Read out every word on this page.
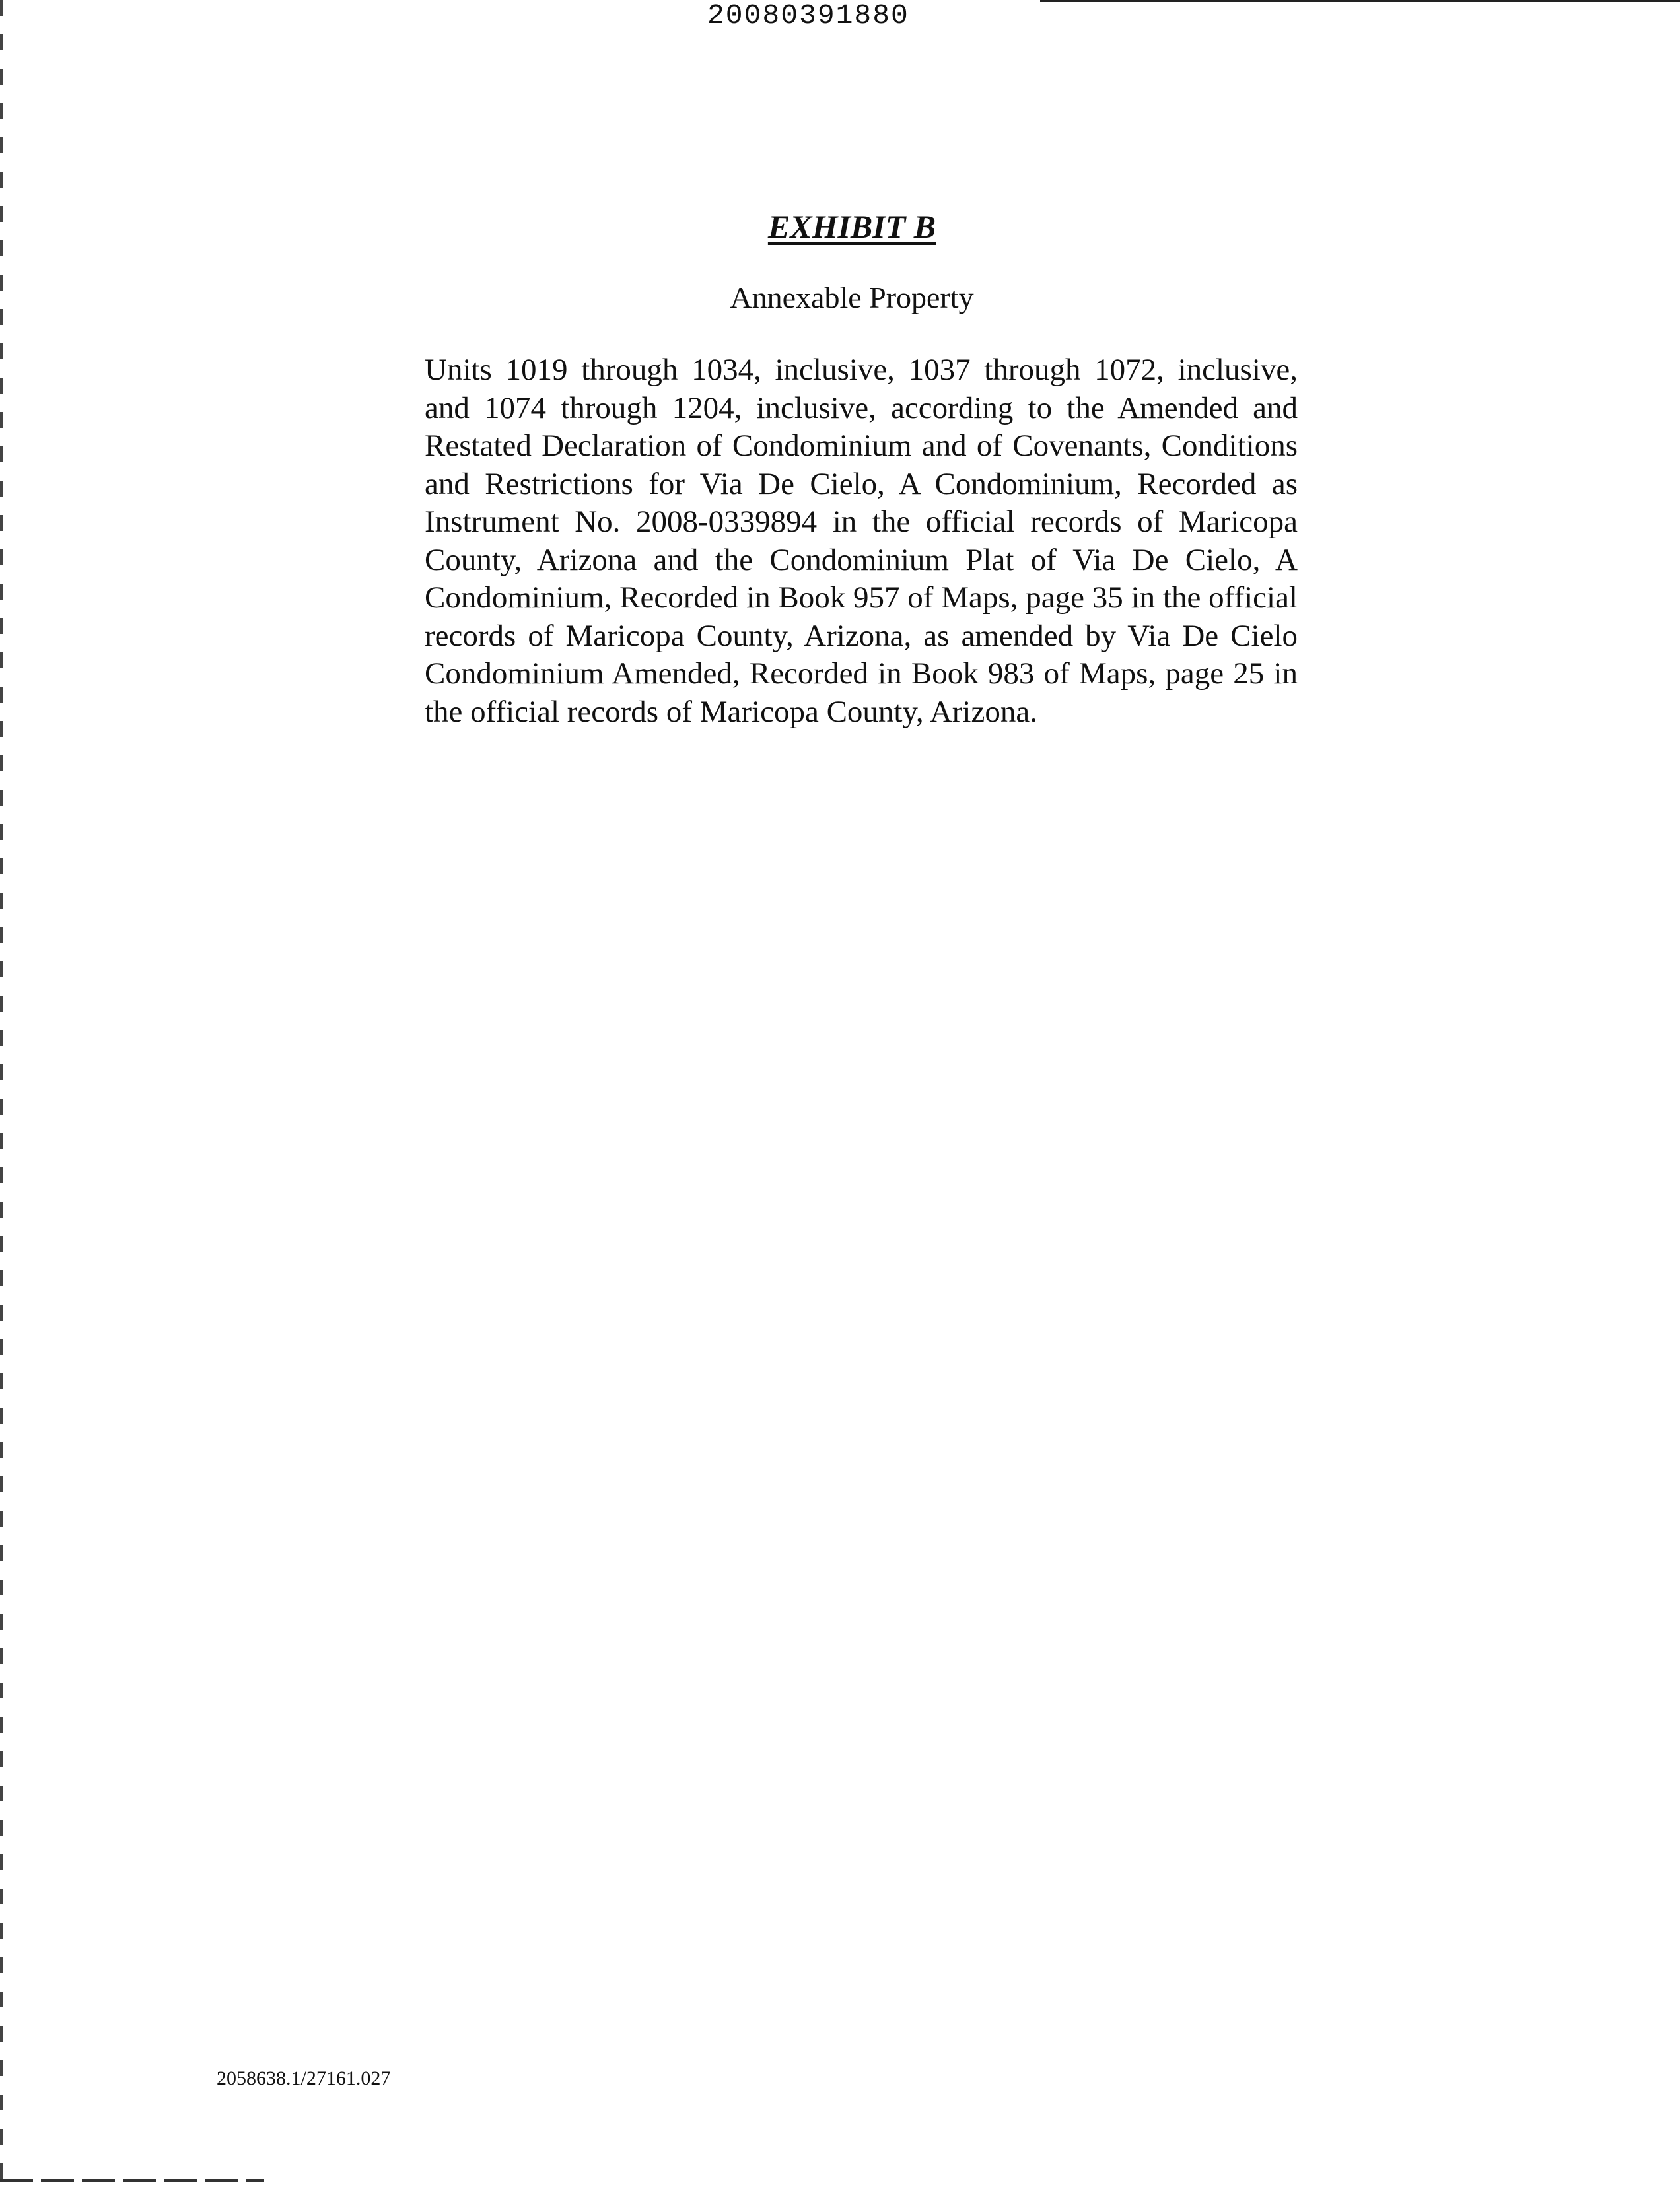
20080391880
EXHIBIT B
Annexable Property

Units 1019 through 1034, inclusive, 1037 through 1072, inclusive, and 1074 through 1204, inclusive, according to the Amended and Restated Declaration of Condominium and of Covenants, Conditions and Restrictions for Via De Cielo, A Condominium, Recorded as Instrument No. 2008-0339894 in the official records of Maricopa County, Arizona and the Condominium Plat of Via De Cielo, A Condominium, Recorded in Book 957 of Maps, page 35 in the official records of Maricopa County, Arizona, as amended by Via De Cielo Condominium Amended, Recorded in Book 983 of Maps, page 25 in the official records of Maricopa County, Arizona.

2058638.1/27161.027
